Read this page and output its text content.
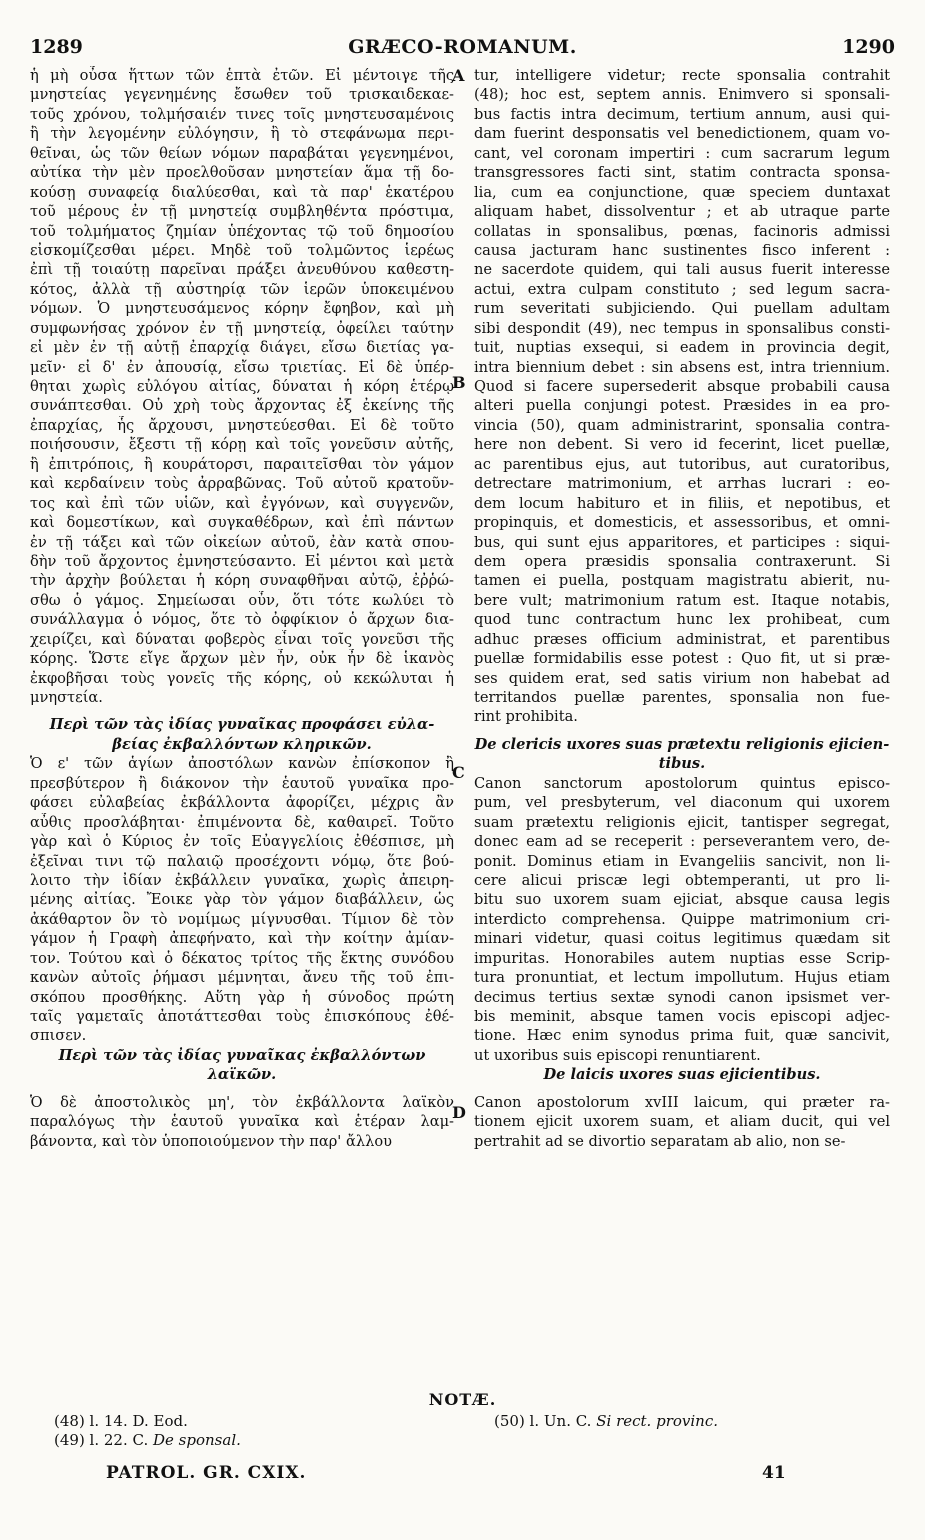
1289	GRÆCO-ROMANUM.	1290
ἡ μὴ οὖσα ἥττων τῶν ἑπτὰ ἐτῶν. Εἰ μέντοιγε τῆς
μνηστείας γεγενημένης ἔσωθεν τοῦ τρισκαιδεκαε-
τοῦς χρόνου, τολμήσαιέν τινες τοῖς μνηστευσαμένοις
ἢ τὴν λεγομένην εὐλόγησιν, ἢ τὸ στεφάνωμα περι-
θεῖναι, ὡς τῶν θείων νόμων παραβάται γεγενημένοι,
αὐτίκα τὴν μὲν προελθοῦσαν μνηστείαν ἅμα τῇ δο-
κούσῃ συναφείᾳ διαλύεσθαι, καὶ τὰ παρ' ἑκατέρου
τοῦ μέρους ἐν τῇ μνηστείᾳ συμβληθέντα πρόστιμα,
τοῦ τολμήματος ζημίαν ὑπέχοντας τῷ τοῦ δημοσίου
εἰσκομίζεσθαι μέρει. Μηδὲ τοῦ τολμῶντος ἱερέως
ἐπὶ τῇ τοιαύτῃ παρεῖναι πράξει ἀνευθύνου καθεστη-
κότος, ἀλλὰ τῇ αὐστηρίᾳ τῶν ἱερῶν ὑποκειμένου
νόμων. Ὁ μνηστευσάμενος κόρην ἔφηβον, καὶ μὴ
συμφωνήσας χρόνον ἐν τῇ μνηστείᾳ, ὀφείλει ταύτην
εἰ μὲν ἐν τῇ αὐτῇ ἐπαρχίᾳ διάγει, εἴσω διετίας γα-
μεῖν· εἰ δ' ἐν ἀπουσίᾳ, εἴσω τριετίας. Εἰ δὲ ὑπέρ-
θηται χωρὶς εὐλόγου αἰτίας, δύναται ἡ κόρη ἑτέρῳ
συνάπτεσθαι. Οὐ χρὴ τοὺς ἄρχοντας ἐξ ἐκείνης τῆς
ἐπαρχίας, ἧς ἄρχουσι, μνηστεύεσθαι. Εἰ δὲ τοῦτο
ποιήσουσιν, ἔξεστι τῇ κόρῃ καὶ τοῖς γονεῦσιν αὐτῆς,
ἢ ἐπιτρόποις, ἢ κουράτορσι, παραιτεῖσθαι τὸν γάμον
καὶ κερδαίνειν τοὺς ἀρραβῶνας. Τοῦ αὐτοῦ κρατοῦν-
τος καὶ ἐπὶ τῶν υἱῶν, καὶ ἐγγόνων, καὶ συγγενῶν,
καὶ δομεστίκων, καὶ συγκαθέδρων, καὶ ἐπὶ πάντων
ἐν τῇ τάξει καὶ τῶν οἰκείων αὐτοῦ, ἐὰν κατὰ σπου-
δὴν τοῦ ἄρχοντος ἐμνηστεύσαντο. Εἰ μέντοι καὶ μετὰ
τὴν ἀρχὴν βούλεται ἡ κόρη συναφθῆναι αὐτῷ, ἐῤῥώ-
σθω ὁ γάμος. Σημείωσαι οὖν, ὅτι τότε κωλύει τὸ
συνάλλαγμα ὁ νόμος, ὅτε τὸ ὀφφίκιον ὁ ἄρχων δια-
χειρίζει, καὶ δύναται φοβερὸς εἶναι τοῖς γονεῦσι τῆς
κόρης. Ὥστε εἴγε ἄρχων μὲν ἦν, οὐκ ἦν δὲ ἱκανὸς
ἐκφοβῆσαι τοὺς γονεῖς τῆς κόρης, οὐ κεκώλυται ἡ
μνηστεία.
Περὶ τῶν τὰς ἰδίας γυναῖκας προφάσει εὐλα-
βείας ἐκβαλλόντων κληρικῶν.
Ὁ ε' τῶν ἁγίων ἀποστόλων κανὼν ἐπίσκοπον ἢ
πρεσβύτερον ἢ διάκονον τὴν ἑαυτοῦ γυναῖκα προ-
φάσει εὐλαβείας ἐκβάλλοντα ἀφορίζει, μέχρις ἂν
αὖθις προσλάβηται· ἐπιμένοντα δὲ, καθαιρεῖ. Τοῦτο
γὰρ καὶ ὁ Κύριος ἐν τοῖς Εὐαγγελίοις ἐθέσπισε, μὴ
ἐξεῖναι τινι τῷ παλαιῷ προσέχοντι νόμῳ, ὅτε βού-
λοιτο τὴν ἰδίαν ἐκβάλλειν γυναῖκα, χωρὶς ἀπειρη-
μένης αἰτίας. Ἔοικε γὰρ τὸν γάμον διαβάλλειν, ὡς
ἀκάθαρτον ὂν τὸ νομίμως μίγνυσθαι. Τίμιον δὲ τὸν
γάμον ἡ Γραφὴ ἀπεφήνατο, καὶ τὴν κοίτην ἀμίαν-
τον. Τούτου καὶ ὁ δέκατος τρίτος τῆς ἕκτης συνόδου
κανὼν αὐτοῖς ῥήμασι μέμνηται, ἄνευ τῆς τοῦ ἐπι-
σκόπου προσθήκης. Αὕτη γὰρ ἡ σύνοδος πρώτη
ταῖς γαμεταῖς ἀποτάττεσθαι τοὺς ἐπισκόπους ἐθέ-
σπισεν.
Περὶ τῶν τὰς ἰδίας γυναῖκας ἐκβαλλόντων
λαϊκῶν.
Ὁ δὲ ἀποστολικὸς μη', τὸν ἐκβάλλοντα λαϊκὸν
παραλόγως τὴν ἑαυτοῦ γυναῖκα καὶ ἑτέραν λαμ-
βάνοντα, καὶ τὸν ὑποποιούμενον τὴν παρ' ἄλλου
tur, intelligere videtur; recte sponsalia contrahit
(48); hoc est, septem annis. Enimvero si sponsali-
bus factis intra decimum, tertium annum, ausi qui-
dam fuerint desponsatis vel benedictionem, quam vo-
cant, vel coronam impertiri : cum sacrarum legum
transgressores facti sint, statim contracta sponsa-
lia, cum ea conjunctione, quæ speciem duntaxat
aliquam habet, dissolventur ; et ab utraque parte
collatas in sponsalibus, pœnas, facinoris admissi
causa jacturam hanc sustinentes fisco inferent :
ne sacerdote quidem, qui tali ausus fuerit interesse
actui, extra culpam constituto ; sed legum sacra-
rum severitati subjiciendo. Qui puellam adultam
sibi despondit (49), nec tempus in sponsalibus consti-
tuit, nuptias exsequi, si eadem in provincia degit,
intra biennium debet : sin absens est, intra triennium.
Quod si facere supersederit absque probabili causa
alteri puella conjungi potest. Præsides in ea pro-
vincia (50), quam administrarint, sponsalia contra-
here non debent. Si vero id fecerint, licet puellæ,
ac parentibus ejus, aut tutoribus, aut curatoribus,
detrectare matrimonium, et arrhas lucrari : eo-
dem locum habituro et in filiis, et nepotibus, et
propinquis, et domesticis, et assessoribus, et omni-
bus, qui sunt ejus apparitores, et participes : siqui-
dem opera præsidis sponsalia contraxerunt. Si
tamen ei puella, postquam magistratu abierit, nu-
bere vult; matrimonium ratum est. Itaque notabis,
quod tunc contractum hunc lex prohibeat, cum
adhuc præses officium administrat, et parentibus
puellæ formidabilis esse potest : Quo fit, ut si præ-
ses quidem erat, sed satis virium non habebat ad
territandos puellæ parentes, sponsalia non fue-
rint prohibita.
De clericis uxores suas prætextu religionis ejicien-
tibus.
Canon sanctorum apostolorum quintus episco-
pum, vel presbyterum, vel diaconum qui uxorem
suam prætextu religionis ejicit, tantisper segregat,
donec eam ad se receperit : perseverantem vero, de-
ponit. Dominus etiam in Evangeliis sancivit, non li-
cere alicui priscæ legi obtemperanti, ut pro li-
bitu suo uxorem suam ejiciat, absque causa legis
interdicto comprehensa. Quippe matrimonium cri-
minari videtur, quasi coitus legitimus quædam sit
impuritas. Honorabiles autem nuptias esse Scrip-
tura pronuntiat, et lectum impollutum. Hujus etiam
decimus tertius sextæ synodi canon ipsismet ver-
bis meminit, absque tamen vocis episcopi adjec-
tione. Hæc enim synodus prima fuit, quæ sancivit,
ut uxoribus suis episcopi renuntiarent.
De laicis uxores suas ejicientibus.
Canon apostolorum xvIII laicum, qui præter ra-
tionem ejicit uxorem suam, et aliam ducit, qui vel
pertrahit ad se divortio separatam ab alio, non se-
A
B
C
D
NOTÆ.
(48) l. 14. D. Eod.
(49) l. 22. C. De sponsal.
(50) l. Un. C. Si rect. provinc.
PATROL. GR. CXIX.	41
